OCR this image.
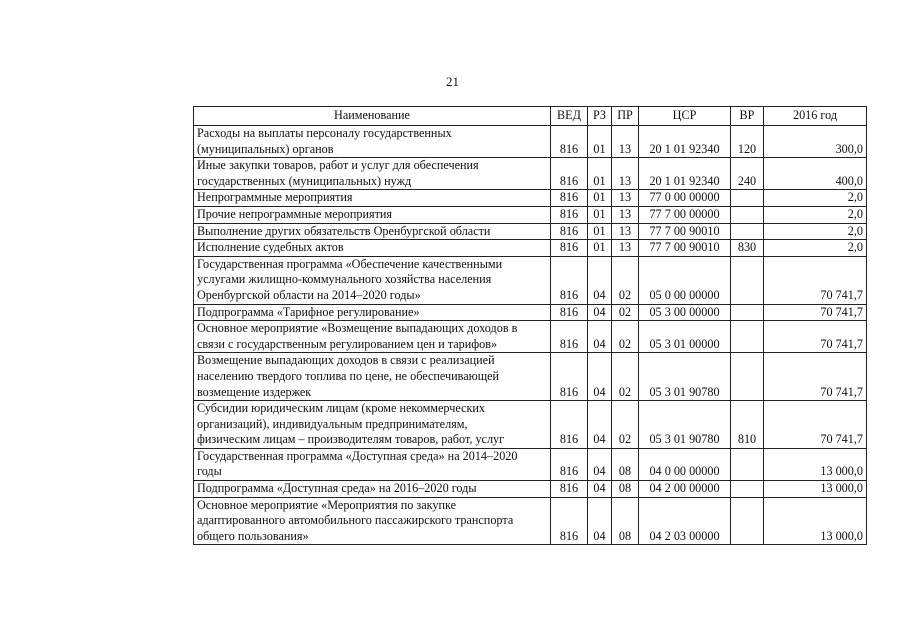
21
Наименование	ВЕД	РЗ	ПР	ЦСР	ВР	2016 год

Расходы на выплаты персоналу государственных
(муниципальных) органов	816	01	13	20 1 01 92340	120	300,0

Иные закупки товаров, работ и услуг для обеспечения
государственных (муниципальных) нужд	816	01	13	20 1 01 92340	240	400,0

Непрограммные мероприятия	816	01	13	77 0 00 00000		2,0

Прочие непрограммные мероприятия	816	01	13	77 7 00 00000		2,0

Выполнение других обязательств Оренбургской области	816	01	13	77 7 00 90010		2,0

Исполнение судебных актов	816	01	13	77 7 00 90010	830	2,0

Государственная программа «Обеспечение качественными
услугами жилищно-коммунального хозяйства населения
Оренбургской области на 2014–2020 годы»	816	04	02	05 0 00 00000		70 741,7

Подпрограмма «Тарифное регулирование»	816	04	02	05 3 00 00000		70 741,7

Основное мероприятие «Возмещение выпадающих доходов в
связи с государственным регулированием цен и тарифов»	816	04	02	05 3 01 00000		70 741,7

Возмещение выпадающих доходов в связи с реализацией
населению твердого топлива по цене, не обеспечивающей
возмещение издержек	816	04	02	05 3 01 90780		70 741,7

Субсидии юридическим лицам (кроме некоммерческих
организаций), индивидуальным предпринимателям,
физическим лицам – производителям товаров, работ, услуг	816	04	02	05 3 01 90780	810	70 741,7

Государственная программа «Доступная среда» на 2014–2020
годы	816	04	08	04 0 00 00000		13 000,0

Подпрограмма «Доступная среда» на 2016–2020 годы	816	04	08	04 2 00 00000		13 000,0

Основное мероприятие «Мероприятия по закупке
адаптированного автомобильного пассажирского транспорта
общего пользования»	816	04	08	04 2 03 00000		13 000,0
